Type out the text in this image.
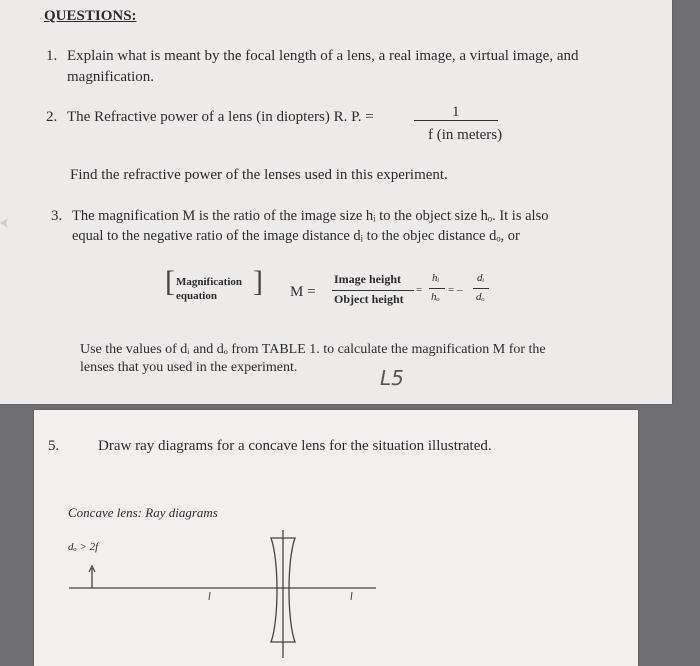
QUESTIONS:
1. Explain what is meant by the focal length of a lens, a real image, a virtual image, and
magnification.
2. The Refractive power of a lens (in diopters) R. P. =	1
f (in meters)
Find the refractive power of the lenses used in this experiment.
3. The magnification M is the ratio of the image size hᵢ to the object size hₒ. It is also
equal to the negative ratio of the image distance dᵢ to the objec distance dₒ, or
[ Magnification
equation ] M =
Image height
Object height
=
hᵢ
hₒ
= –
dᵢ
dₒ
Use the values of dᵢ and dₒ from TABLE 1. to calculate the magnification M for the
lenses that you used in the experiment.	L5
5.	Draw ray diagrams for a concave lens for the situation illustrated.
Concave lens: Ray diagrams
dₒ > 2f
